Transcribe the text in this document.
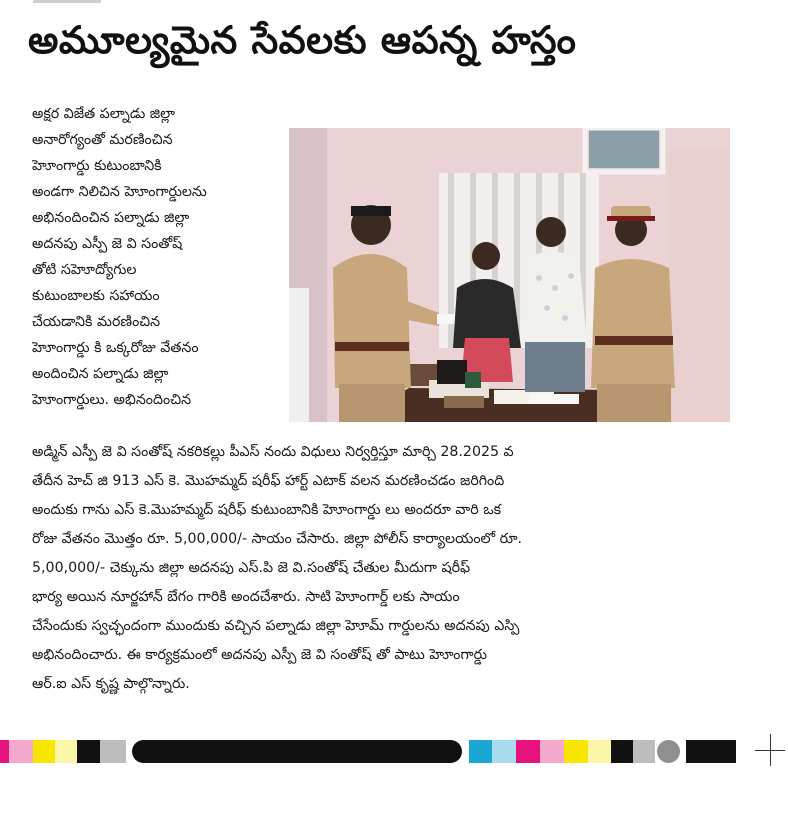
అమూల్యమైన సేవలకు ఆపన్న హస్తం
అక్షర విజేత పల్నాడు జిల్లా
అనారోగ్యంతో మరణించిన
హెూంగార్డు కుటుంబానికి
అండగా నిలిచిన హెూంగార్డులను
అభినందించిన పల్నాడు జిల్లా
అదనపు ఎస్పీ జె వి సంతోష్
తోటి సహెూద్యోగుల
కుటుంబాలకు సహాయం
చేయడానికి మరణించిన
హెూంగార్డు కి ఒక్కరోజు వేతనం
అందించిన పల్నాడు జిల్లా
హెూంగార్డులు. అభినందించిన
అడ్మిన్ ఎస్పీ జె వి సంతోష్ నకరికల్లు పీఎస్ నందు విధులు నిర్వర్తిస్తూ మార్చి 28.2025 వ
తేదీన హెచ్ జి 913 ఎస్ కె. మొహమ్మద్ షరీఫ్ హార్ట్ ఎటాక్ వలన మరణించడం జరిగింది
అందుకు గాను ఎస్ కె.మొహమ్మద్ షరీఫ్ కుటుంబానికి హెూంగార్డు లు అందరూ వారి ఒక
రోజు వేతనం మొత్తం రూ. 5,00,000/- సాయం చేసారు. జిల్లా పోలీస్ కార్యాలయంలో రూ.
5,00,000/- చెక్కును జిల్లా అదనపు ఎస్.పి జె వి.సంతోష్ చేతుల మీదుగా షరీఫ్
భార్య అయిన నూర్జహాన్ బేగం గారికి అందచేశారు. సాటి హెూంగార్డ్ లకు సాయం
చేసేందుకు స్వచ్ఛందంగా ముందుకు వచ్చిన పల్నాడు జిల్లా హెూమ్ గార్డులను అదనపు ఎస్పి
అభినందించారు. ఈ కార్యక్రమంలో అదనపు ఎస్పీ జె వి సంతోష్ తో పాటు హెూంగార్డు
ఆర్.ఐ ఎస్ కృష్ణ పాల్గొన్నారు.
